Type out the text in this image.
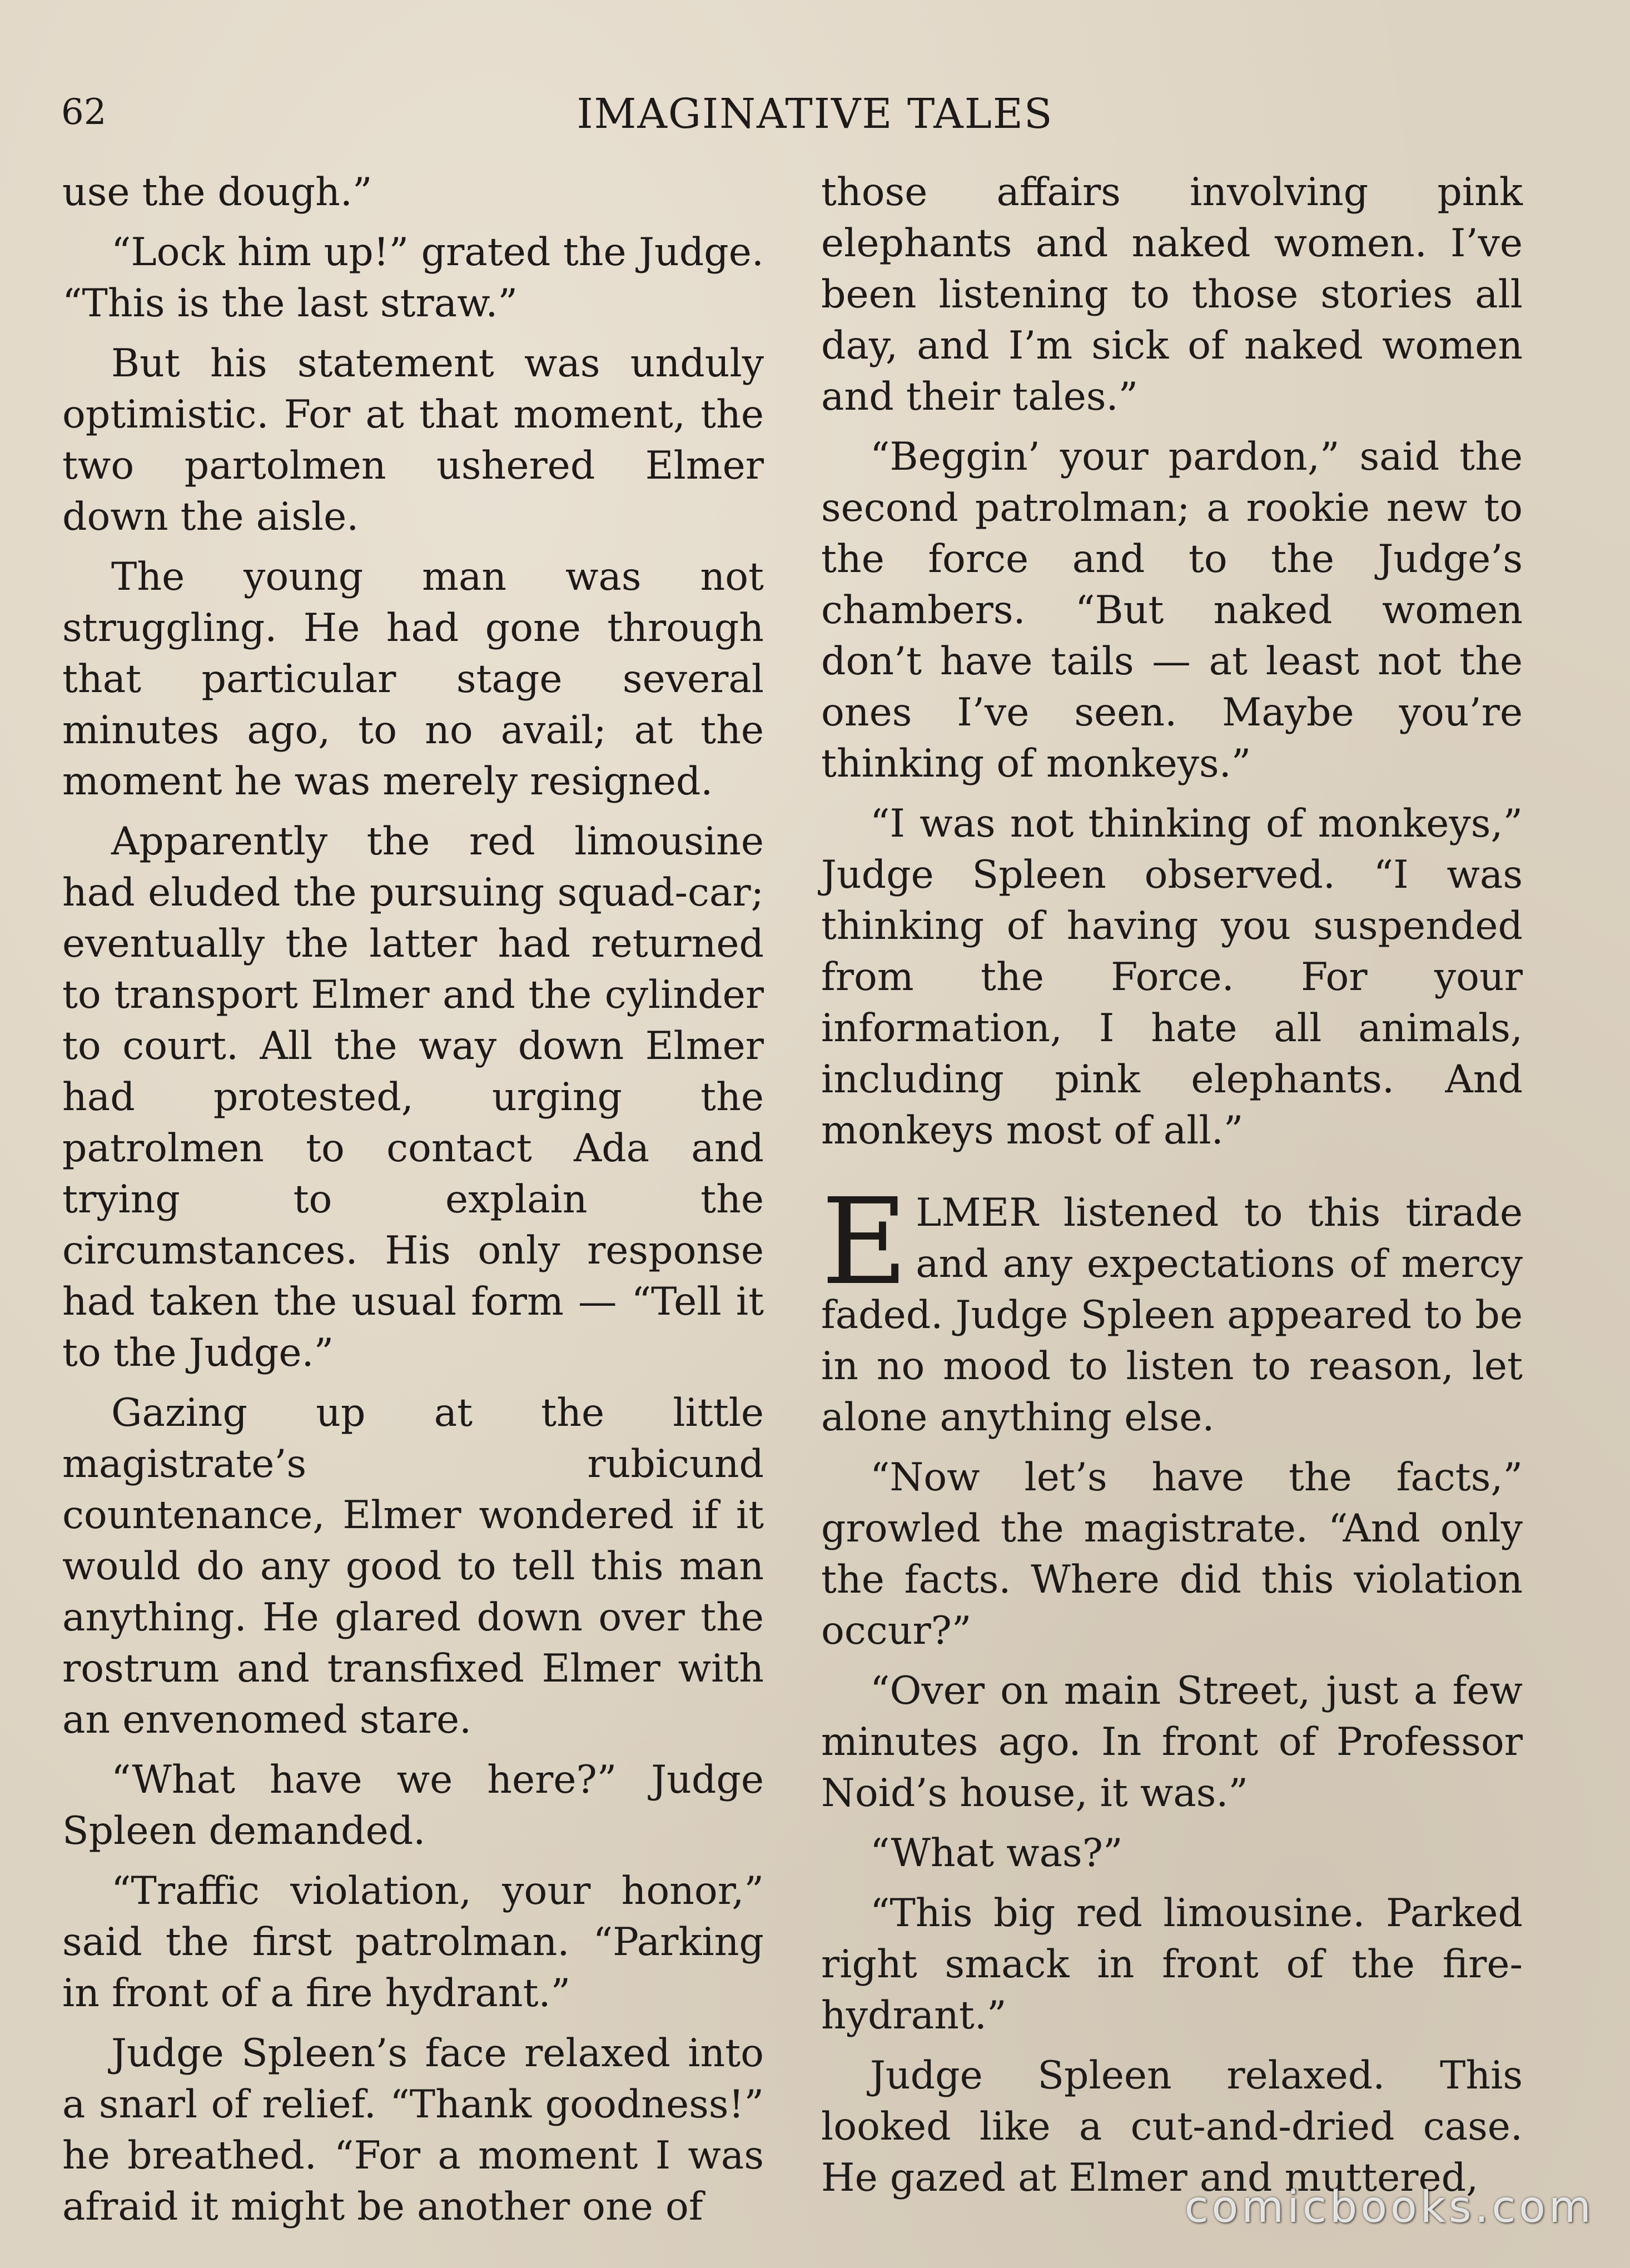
62	IMAGINATIVE TALES

use the dough.”

“Lock him up!” grated the Judge. “This is the last straw.”

But his statement was unduly optimistic. For at that moment, the two partolmen ushered Elmer down the aisle.

The young man was not struggling. He had gone through that particular stage several minutes ago, to no avail; at the moment he was merely resigned.

Apparently the red limousine had eluded the pursuing squad-car; eventually the latter had returned to transport Elmer and the cylinder to court. All the way down Elmer had protested, urging the patrolmen to contact Ada and trying to explain the circumstances. His only response had taken the usual form — “Tell it to the Judge.”

Gazing up at the little magistrate’s rubicund countenance, Elmer wondered if it would do any good to tell this man anything. He glared down over the rostrum and transfixed Elmer with an envenomed stare.

“What have we here?” Judge Spleen demanded.

“Traffic violation, your honor,” said the first patrolman. “Parking in front of a fire hydrant.”

Judge Spleen’s face relaxed into a snarl of relief. “Thank goodness!” he breathed. “For a moment I was afraid it might be another one of

those affairs involving pink elephants and naked women. I’ve been listening to those stories all day, and I’m sick of naked women and their tales.”

“Beggin’ your pardon,” said the second patrolman; a rookie new to the force and to the Judge’s chambers. “But naked women don’t have tails — at least not the ones I’ve seen. Maybe you’re thinking of monkeys.”

“I was not thinking of monkeys,” Judge Spleen observed. “I was thinking of having you suspended from the Force. For your information, I hate all animals, including pink elephants. And monkeys most of all.”

ELMER listened to this tirade and any expectations of mercy faded. Judge Spleen appeared to be in no mood to listen to reason, let alone anything else.

“Now let’s have the facts,” growled the magistrate. “And only the facts. Where did this violation occur?”

“Over on main Street, just a few minutes ago. In front of Professor Noid’s house, it was.”

“What was?”

“This big red limousine. Parked right smack in front of the fire-hydrant.”

Judge Spleen relaxed. This looked like a cut-and-dried case. He gazed at Elmer and muttered,

comicbooks.com
